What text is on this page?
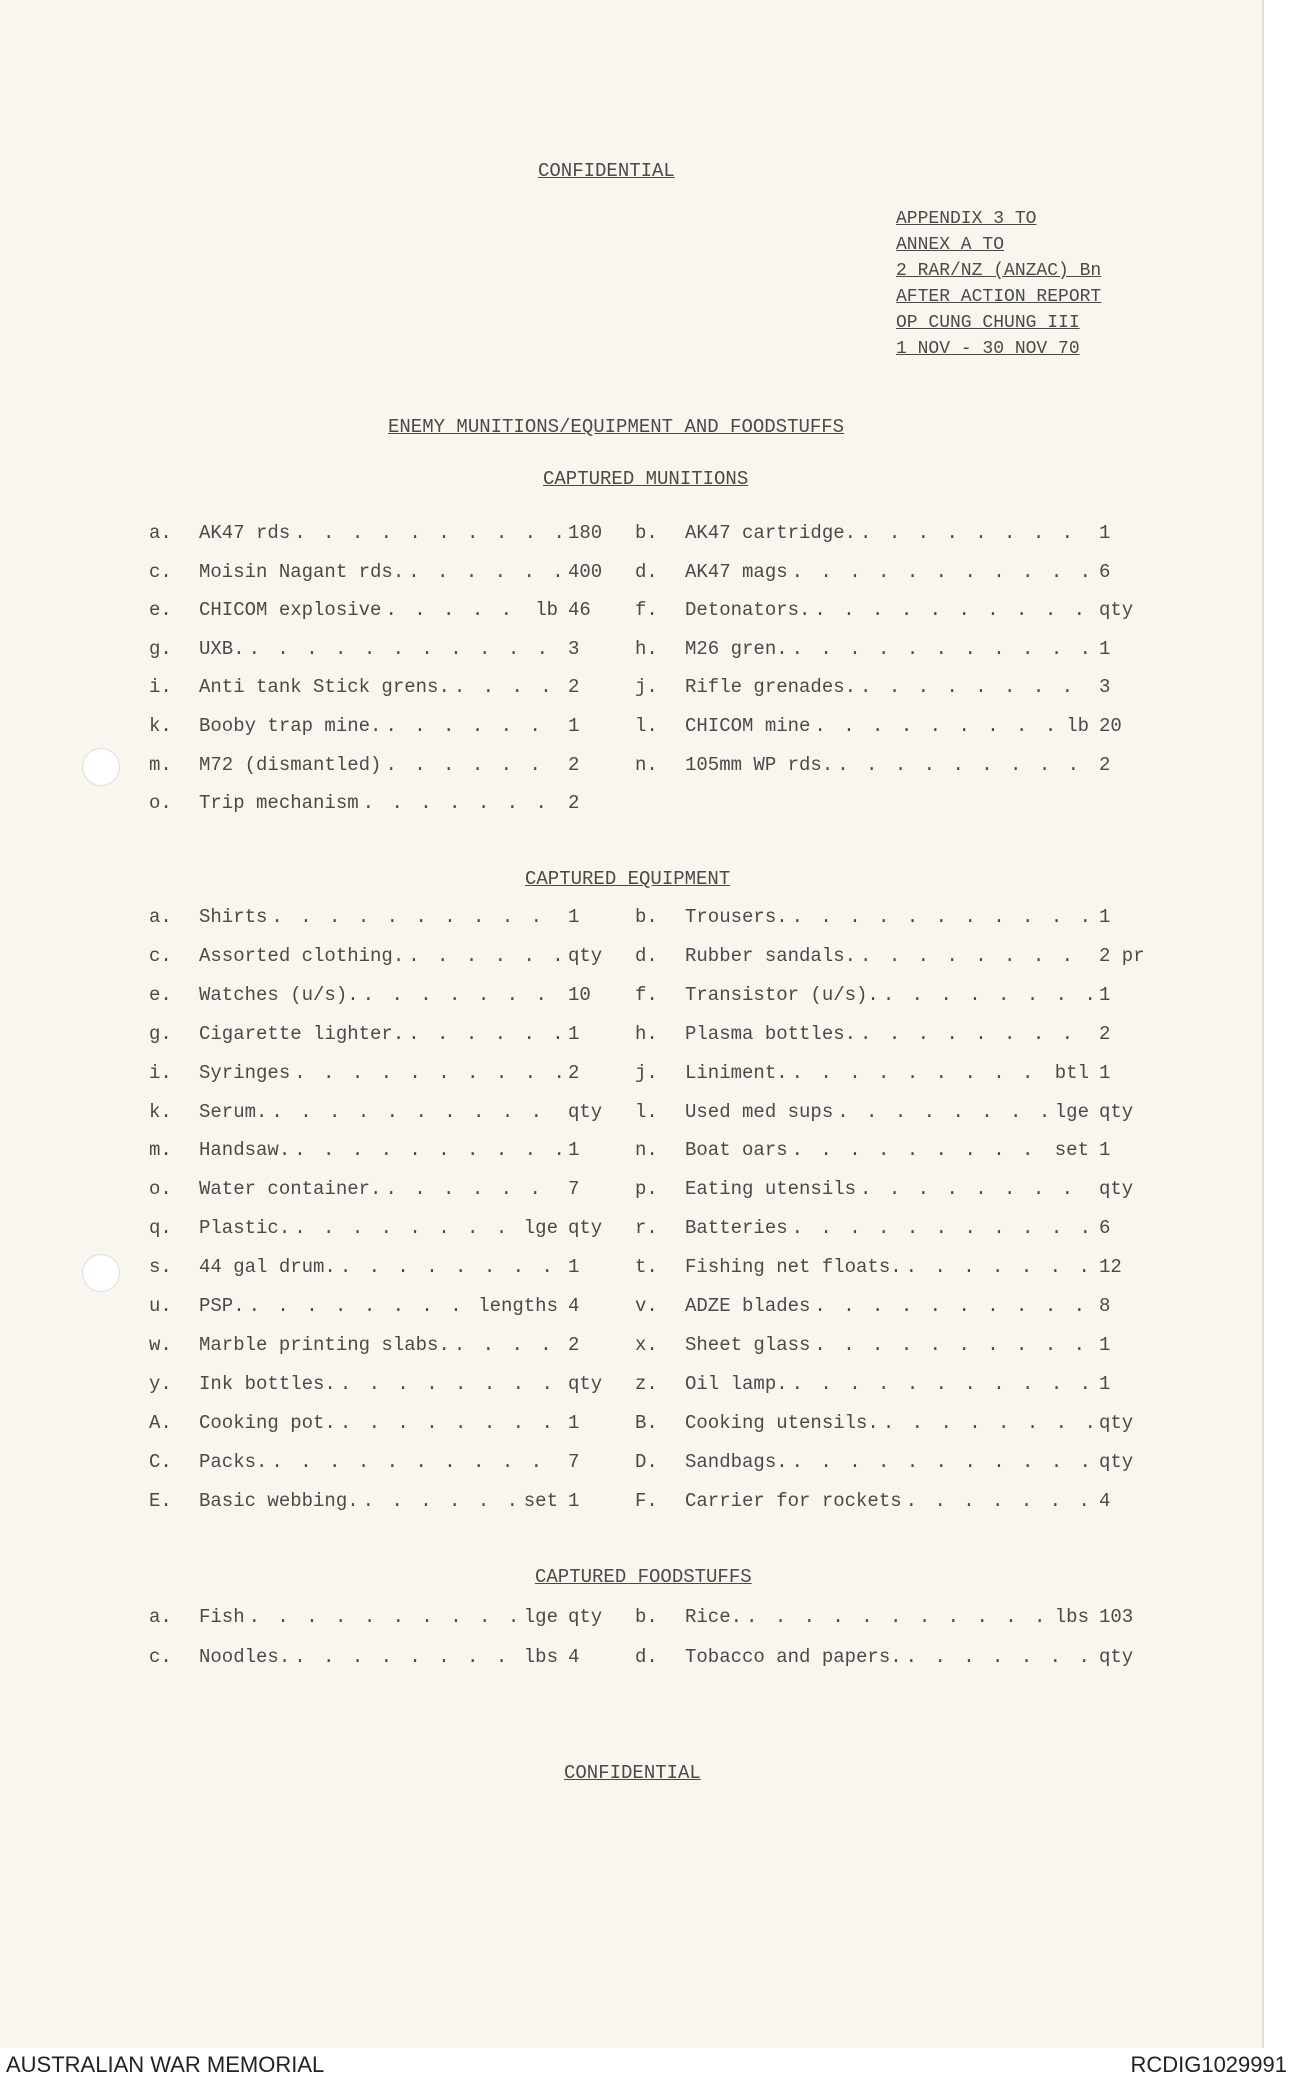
CONFIDENTIAL
APPENDIX 3 TO
ANNEX A TO
2 RAR/NZ (ANZAC) Bn
AFTER ACTION REPORT
OP CUNG CHUNG III
1 NOV - 30 NOV 70
ENEMY MUNITIONS/EQUIPMENT AND FOODSTUFFS
CAPTURED MUNITIONS
a.	AK47 rds . . .	180 b.	AK47 cartridge. . . .	1
c.	Moisin Nagant rds. . . .	400 d.	AK47 mags . . .	6
e.	CHICOM explosive . . .	lb 46 f.	Detonators. . . .	qty
g.	UXB. . . .	3	h.	M26 gren. . . .	1
i.	Anti tank Stick grens. . . .	2	j.	Rifle grenades. . . .	3
k.	Booby trap mine. . . .	1	l.	CHICOM mine . . .	lb 20
m.	M72 (dismantled) . . .	2	n.	105mm WP rds. . . .	2
o.	Trip mechanism . . .	2
CAPTURED EQUIPMENT
a.	Shirts . . .	1	b.	Trousers. . . .	1
c.	Assorted clothing. . . .	qty d.	Rubber sandals. . . .	2 pr
e.	Watches (u/s). . . .	10 f.	Transistor (u/s). . . .	1
g.	Cigarette lighter. . . .	1	h.	Plasma bottles. . . .	2
i.	Syringes . . .	2	j.	Liniment. . . .	btl 1
k.	Serum. . . .	qty l.	Used med sups . . .	lge qty
m.	Handsaw. . . .	1	n.	Boat oars . . .	set 1
o.	Water container. . . .	7	p.	Eating utensils . . .	qty
q.	Plastic. . . .	lge qty r.	Batteries . . .	6
s.	44 gal drum. . . .	1	t.	Fishing net floats. . . .	12
u.	PSP. . . .	lengths 4	v.	ADZE blades . . .	8
w.	Marble printing slabs. . . .	2	x.	Sheet glass . . .	1
y.	Ink bottles. . . .	qty z.	Oil lamp. . . .	1
A.	Cooking pot. . . .	1	B.	Cooking utensils. . . .	qty
C.	Packs. . . .	7	D.	Sandbags. . . .	qty
E.	Basic webbing. . . .	set 1	F.	Carrier for rockets . . .	4
CAPTURED FOODSTUFFS
a.	Fish . . .	lge qty b.	Rice. . . .	lbs 103
c.	Noodles. . . .	lbs 4	d.	Tobacco and papers. . . .	qty
CONFIDENTIAL
AUSTRALIAN WAR MEMORIAL	RCDIG1029991
